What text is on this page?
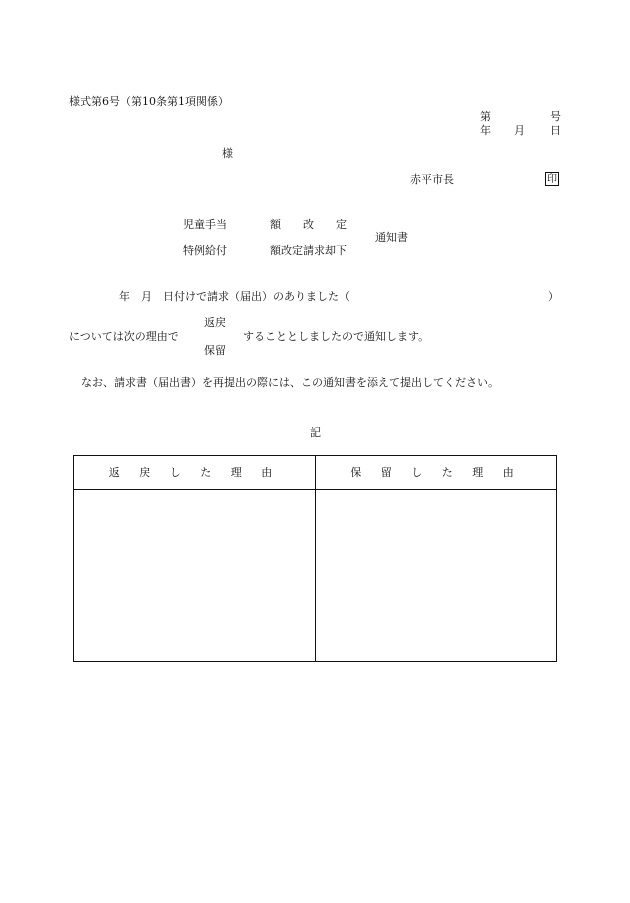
様式第6号（第10条第1項関係）
第	号
年 月 日
様
赤平市長	印
児童手当	額　　改　　定
通知書
特例給付	額改定請求却下
年　月　日付けで請求（届出）のありました（	）
返戻
については次の理由で	することとしましたので通知します。
保留
なお、請求書（届出書）を再提出の際には、この通知書を添えて提出してください。
記
返 戻 し た 理 由	保 留 し た 理 由
